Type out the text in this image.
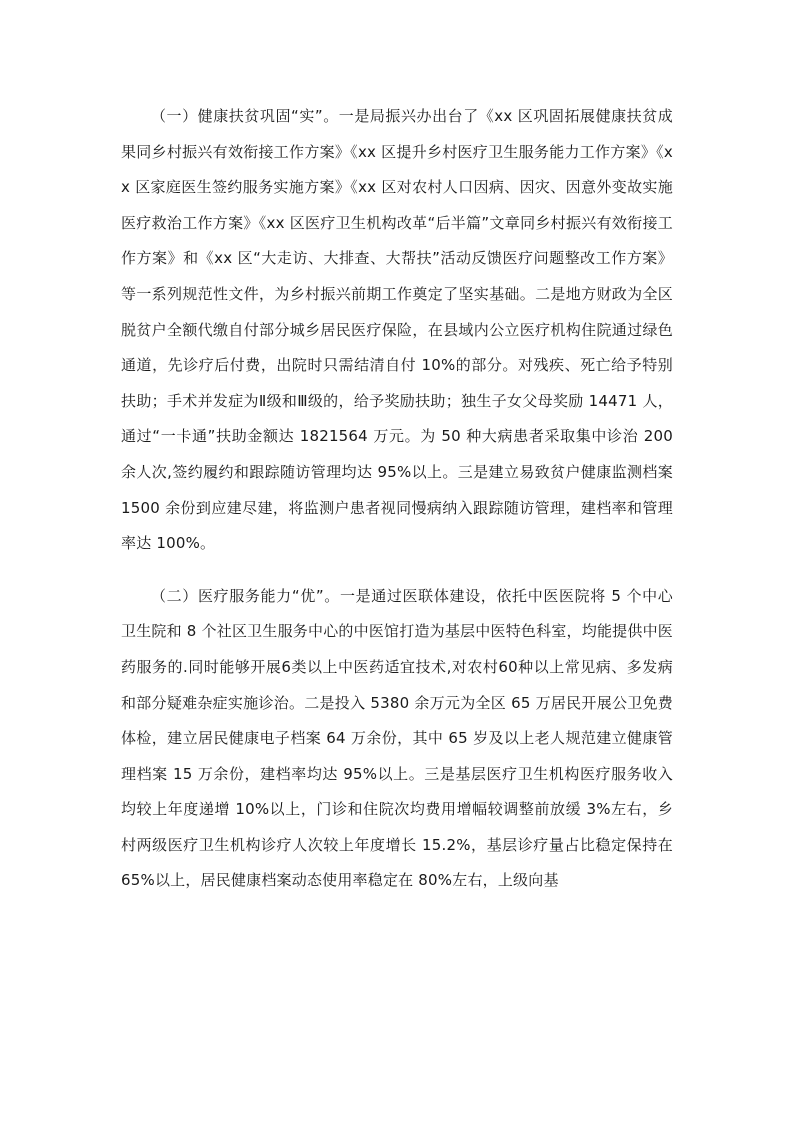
（一）健康扶贫巩固“实”。一是局振兴办出台了《xx 区巩固拓展健康扶贫成果同乡村振兴有效衔接工作方案》《xx 区提升乡村医疗卫生服务能力工作方案》《xx 区家庭医生签约服务实施方案》《xx 区对农村人口因病、因灾、因意外变故实施医疗救治工作方案》《xx 区医疗卫生机构改革“后半篇”文章同乡村振兴有效衔接工作方案》和《xx 区“大走访、大排查、大帮扶”活动反馈医疗问题整改工作方案》等一系列规范性文件，为乡村振兴前期工作奠定了坚实基础。二是地方财政为全区脱贫户全额代缴自付部分城乡居民医疗保险，在县域内公立医疗机构住院通过绿色通道，先诊疗后付费，出院时只需结清自付 10%的部分。对残疾、死亡给予特别扶助；手术并发症为Ⅱ级和Ⅲ级的，给予奖励扶助；独生子女父母奖励 14471 人，通过“一卡通”扶助金额达 1821564 万元。为 50 种大病患者采取集中诊治 200 余人次,签约履约和跟踪随访管理均达 95%以上。三是建立易致贫户健康监测档案 1500 余份到应建尽建，将监测户患者视同慢病纳入跟踪随访管理，建档率和管理率达 100%。

（二）医疗服务能力“优”。一是通过医联体建设，依托中医医院将 5 个中心卫生院和 8 个社区卫生服务中心的中医馆打造为基层中医特色科室，均能提供中医药服务的.同时能够开展6类以上中医药适宜技术,对农村60种以上常见病、多发病和部分疑难杂症实施诊治。二是投入 5380 余万元为全区 65 万居民开展公卫免费体检，建立居民健康电子档案 64 万余份，其中 65 岁及以上老人规范建立健康管理档案 15 万余份，建档率均达 95%以上。三是基层医疗卫生机构医疗服务收入均较上年度递增 10%以上，门诊和住院次均费用增幅较调整前放缓 3%左右，乡村两级医疗卫生机构诊疗人次较上年度增长 15.2%，基层诊疗量占比稳定保持在 65%以上，居民健康档案动态使用率稳定在 80%左右，上级向基
